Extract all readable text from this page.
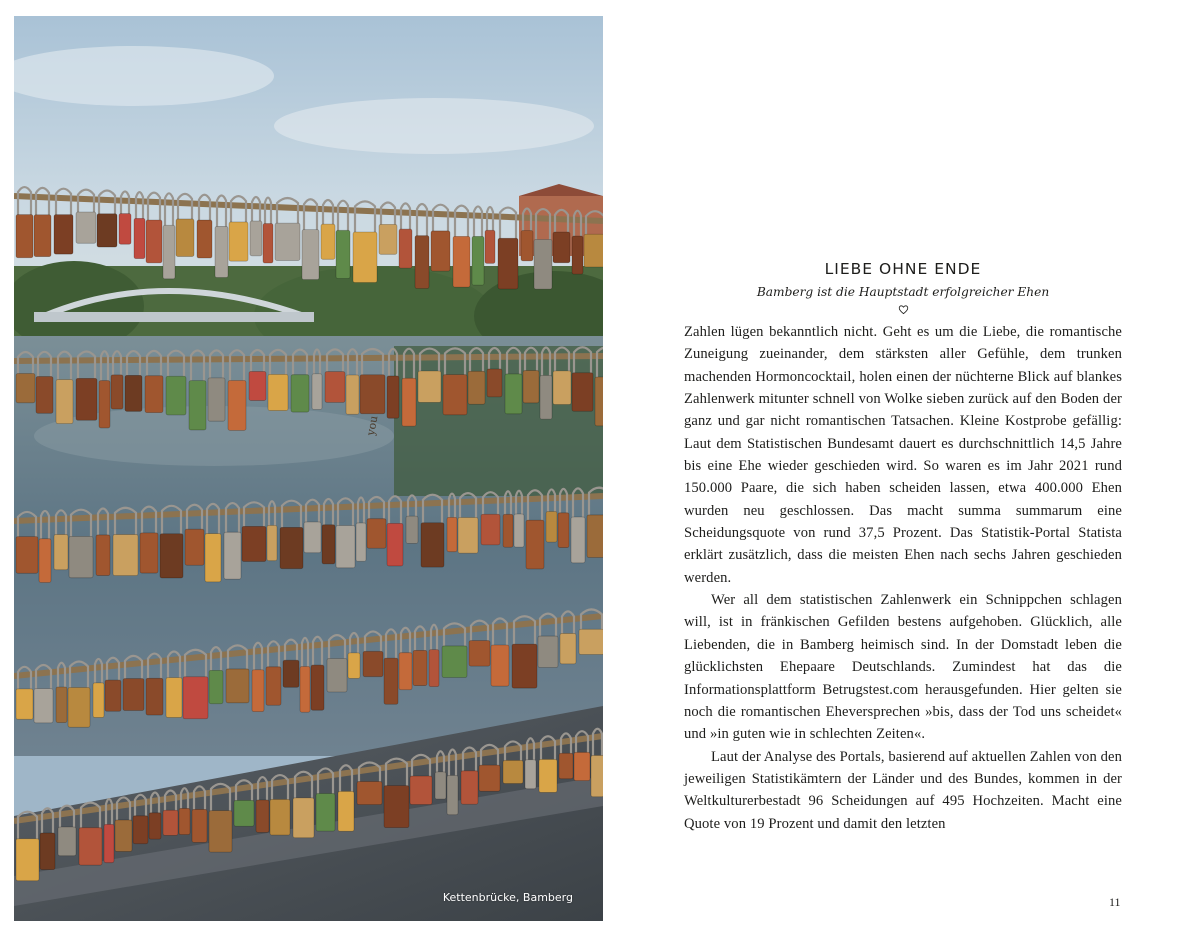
you
Kettenbrücke, Bamberg
LIEBE OHNE ENDE
Bamberg ist die Hauptstadt erfolgreicher Ehen

Zahlen lügen bekanntlich nicht. Geht es um die Liebe, die romantische Zuneigung zueinander, dem stärksten aller Gefühle, dem trunken machenden Hormoncocktail, holen einen der nüchterne Blick auf blankes Zahlenwerk mitunter schnell von Wolke sieben zurück auf den Boden der ganz und gar nicht romantischen Tatsachen. Kleine Kostprobe gefällig: Laut dem Statistischen Bundesamt dauert es durchschnittlich 14,5 Jahre bis eine Ehe wieder geschieden wird. So waren es im Jahr 2021 rund 150.000 Paare, die sich haben scheiden lassen, etwa 400.000 Ehen wurden neu geschlossen. Das macht summa summarum eine Scheidungsquote von rund 37,5 Prozent. Das Statistik-Portal Statista erklärt zusätzlich, dass die meisten Ehen nach sechs Jahren geschieden werden.

Wer all dem statistischen Zahlenwerk ein Schnippchen schlagen will, ist in fränkischen Gefilden bestens aufgehoben. Glücklich, alle Liebenden, die in Bamberg heimisch sind. In der Domstadt leben die glücklichsten Ehepaare Deutschlands. Zumindest hat das die Informationsplattform Betrugstest.com herausgefunden. Hier gelten sie noch die romantischen Eheversprechen »bis, dass der Tod uns scheidet« und »in guten wie in schlechten Zeiten«.

Laut der Analyse des Portals, basierend auf aktuellen Zahlen von den jeweiligen Statistikämtern der Länder und des Bundes, kommen in der Weltkulturerbestadt 96 Scheidungen auf 495 Hochzeiten. Macht eine Quote von 19 Prozent und damit den letzten

11
